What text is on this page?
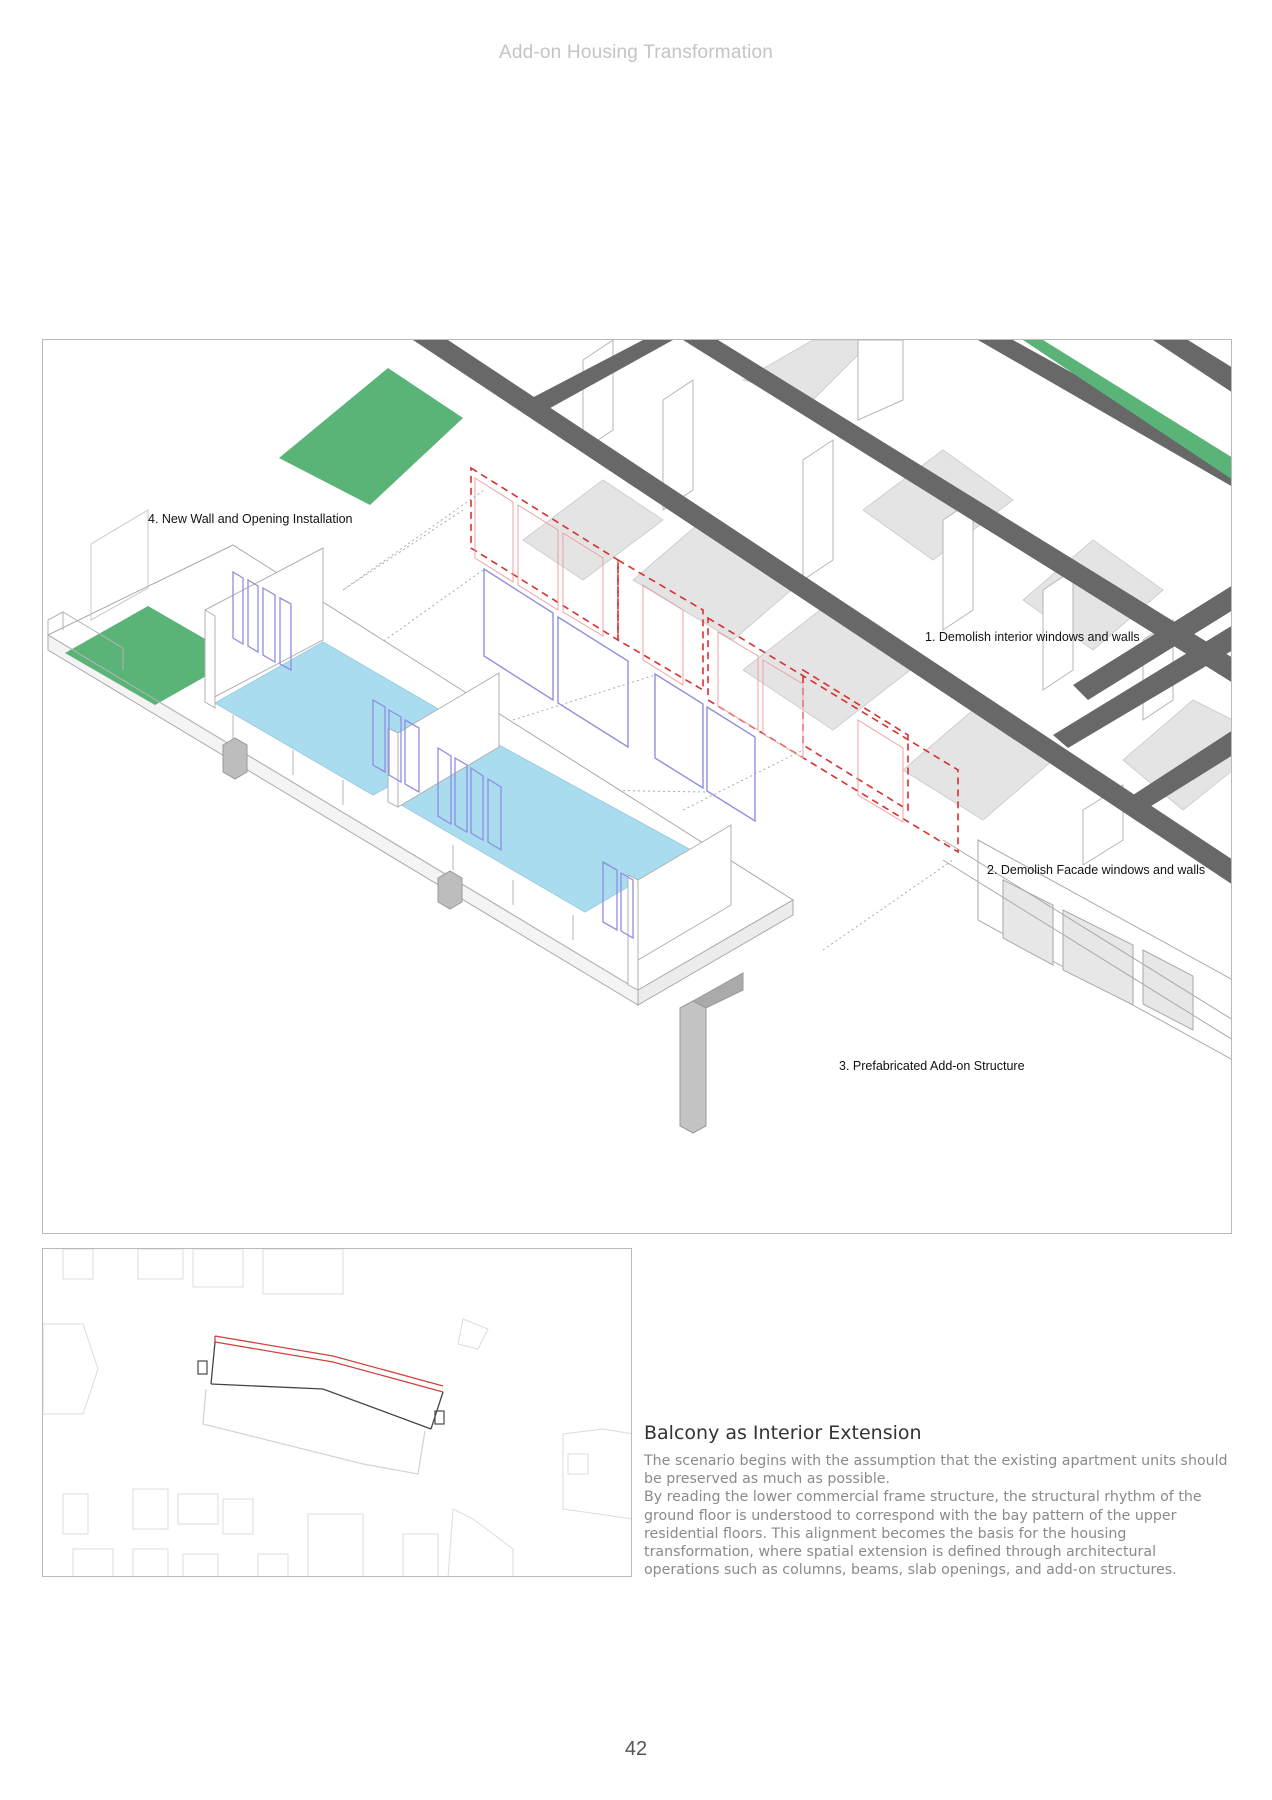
Add-on Housing Transformation
4. New Wall and Opening Installation
1. Demolish interior windows and walls
2. Demolish Facade windows and walls
3. Prefabricated Add-on Structure
Balcony as Interior Extension

The scenario begins with the assumption that the existing apartment units should be preserved as much as possible.

By reading the lower commercial frame structure, the structural rhythm of the ground floor is understood to correspond with the bay pattern of the upper residential floors. This alignment becomes the basis for the housing transformation, where spatial extension is defined through architectural operations such as columns, beams, slab openings, and add-on structures.

42
